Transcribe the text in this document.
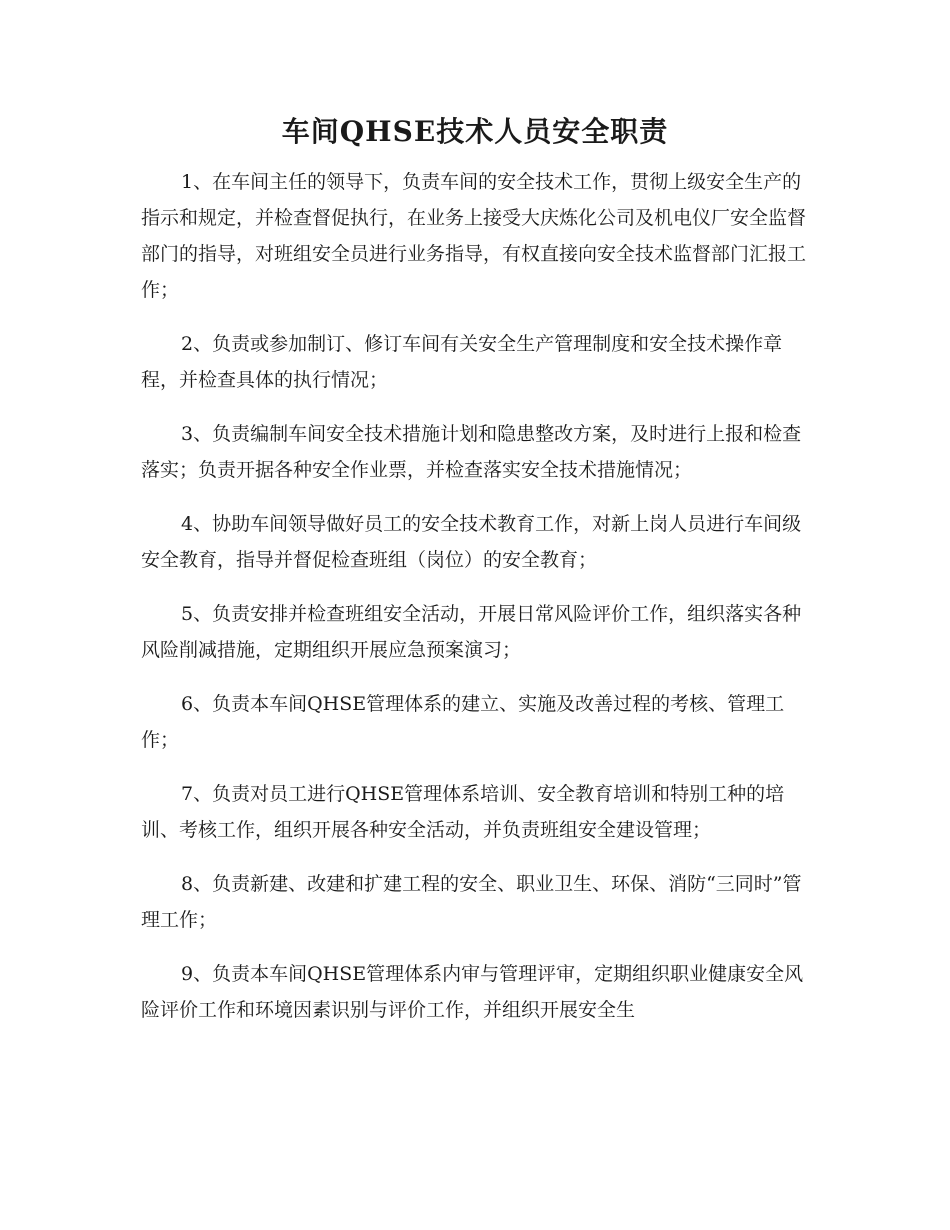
车间QHSE技术人员安全职责

1、在车间主任的领导下，负责车间的安全技术工作，贯彻上级安全生产的指示和规定，并检查督促执行，在业务上接受大庆炼化公司及机电仪厂安全监督部门的指导，对班组安全员进行业务指导，有权直接向安全技术监督部门汇报工作；

2、负责或参加制订、修订车间有关安全生产管理制度和安全技术操作章程，并检查具体的执行情况；

3、负责编制车间安全技术措施计划和隐患整改方案，及时进行上报和检查落实；负责开据各种安全作业票，并检查落实安全技术措施情况；

4、协助车间领导做好员工的安全技术教育工作，对新上岗人员进行车间级安全教育，指导并督促检查班组（岗位）的安全教育；

5、负责安排并检查班组安全活动，开展日常风险评价工作，组织落实各种风险削减措施，定期组织开展应急预案演习；

6、负责本车间QHSE管理体系的建立、实施及改善过程的考核、管理工作；

7、负责对员工进行QHSE管理体系培训、安全教育培训和特别工种的培训、考核工作，组织开展各种安全活动，并负责班组安全建设管理；

8、负责新建、改建和扩建工程的安全、职业卫生、环保、消防“三同时”管理工作；

9、负责本车间QHSE管理体系内审与管理评审，定期组织职业健康安全风险评价工作和环境因素识别与评价工作，并组织开展安全生
